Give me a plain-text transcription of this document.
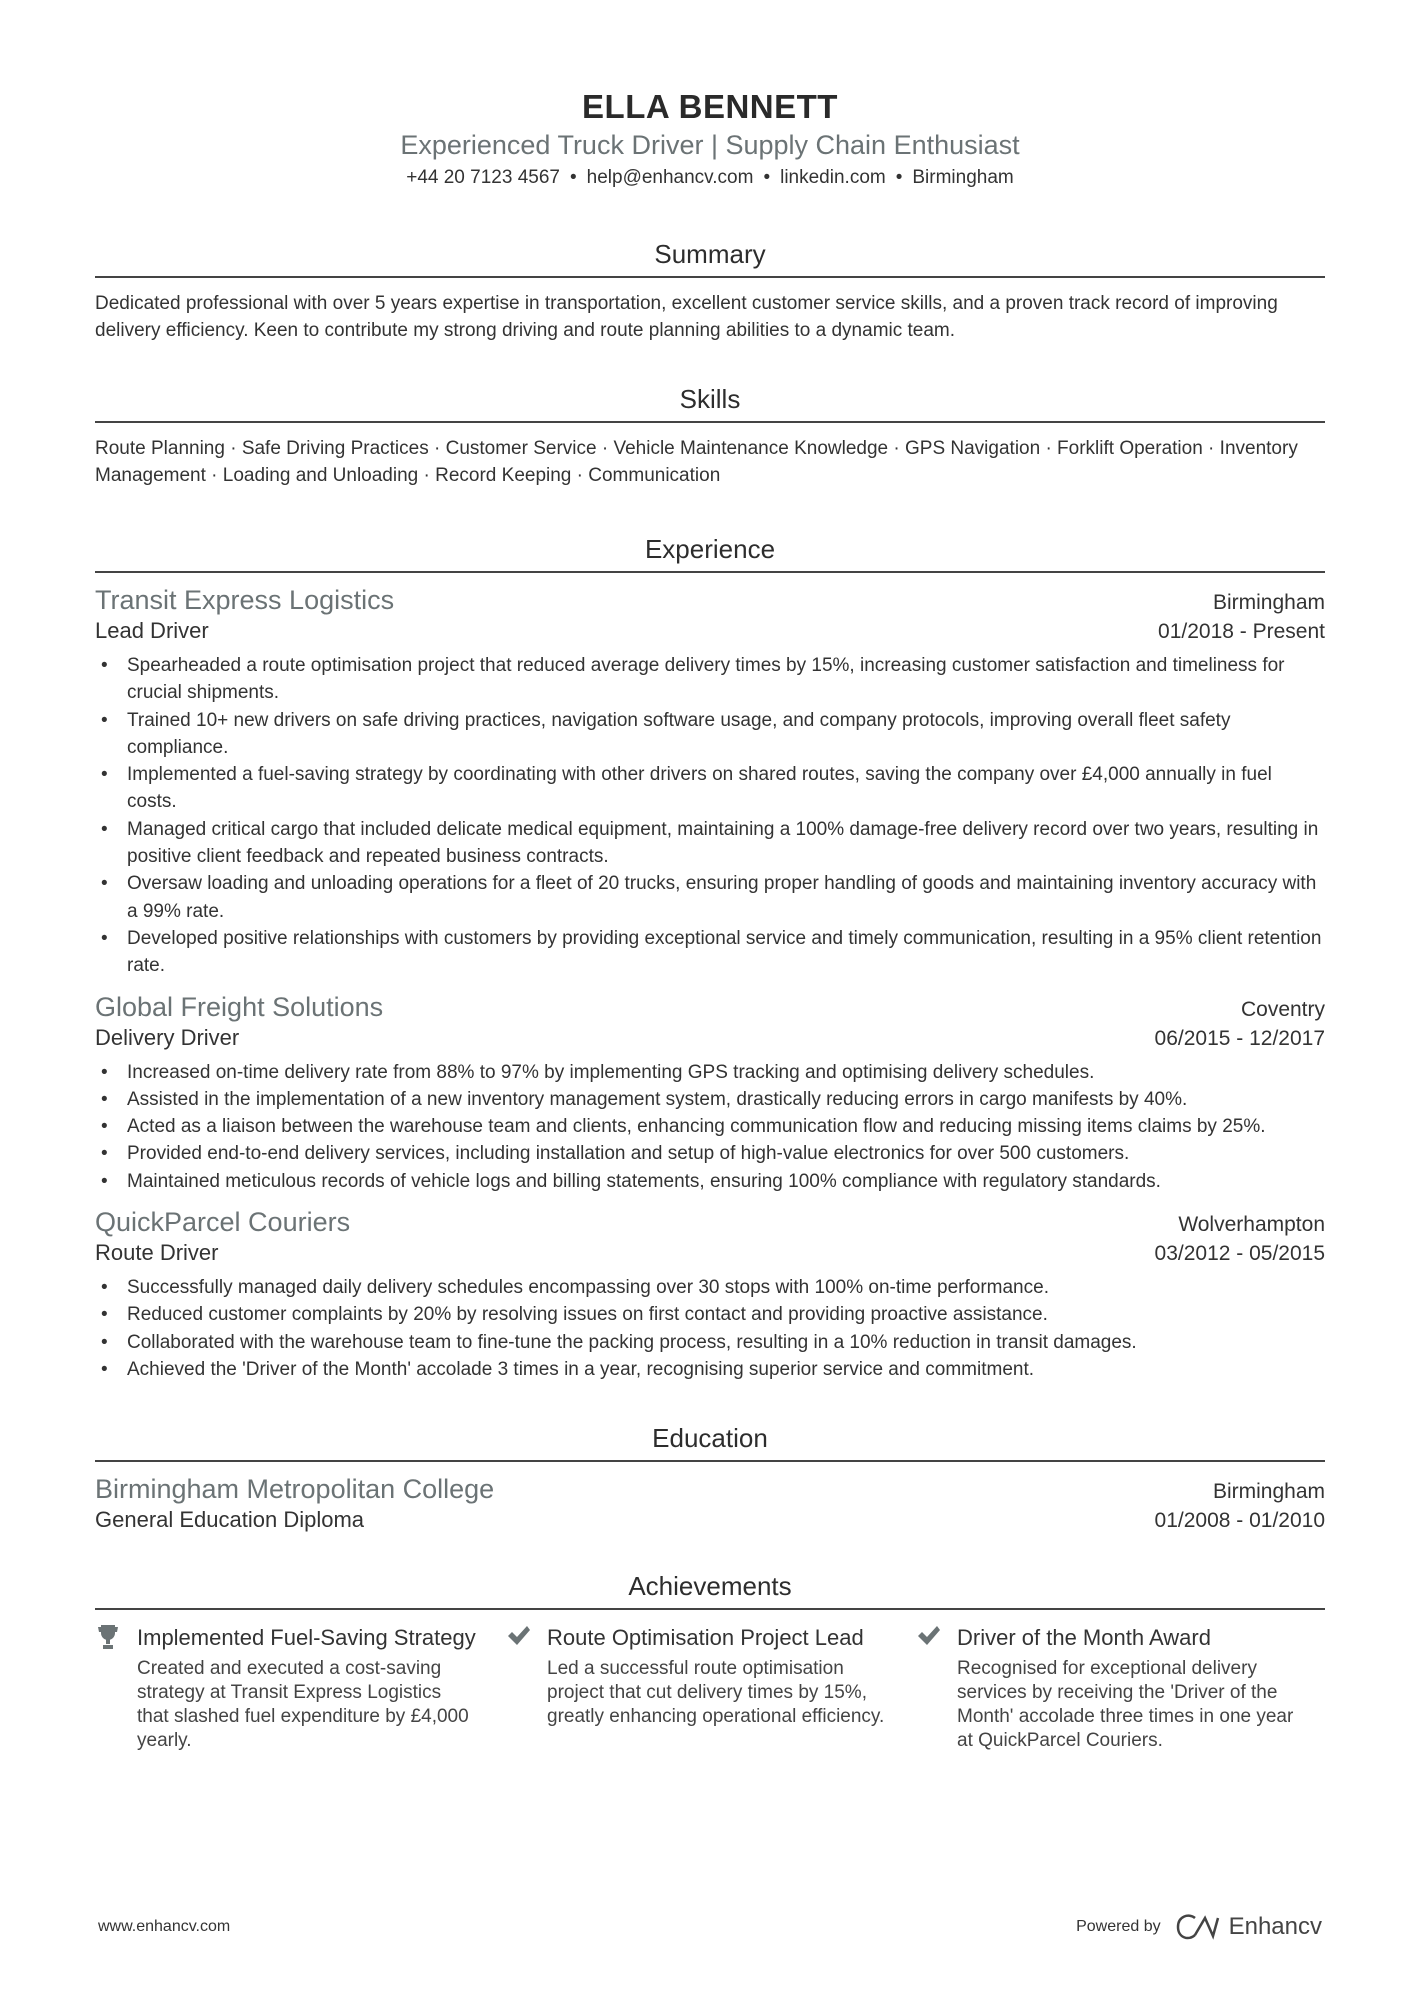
ELLA BENNETT
Experienced Truck Driver | Supply Chain Enthusiast
+44 20 7123 4567 • help@enhancv.com • linkedin.com • Birmingham
Summary

Dedicated professional with over 5 years expertise in transportation, excellent customer service skills, and a proven track record of improving delivery efficiency. Keen to contribute my strong driving and route planning abilities to a dynamic team.

Skills

Route Planning · Safe Driving Practices · Customer Service · Vehicle Maintenance Knowledge · GPS Navigation · Forklift Operation · Inventory Management · Loading and Unloading · Record Keeping · Communication

Experience
Transit Express Logistics	Birmingham
Lead Driver	01/2018 - Present
• Spearheaded a route optimisation project that reduced average delivery times by 15%, increasing customer satisfaction and timeliness for crucial shipments.
• Trained 10+ new drivers on safe driving practices, navigation software usage, and company protocols, improving overall fleet safety compliance.
• Implemented a fuel-saving strategy by coordinating with other drivers on shared routes, saving the company over £4,000 annually in fuel costs.
• Managed critical cargo that included delicate medical equipment, maintaining a 100% damage-free delivery record over two years, resulting in positive client feedback and repeated business contracts.
• Oversaw loading and unloading operations for a fleet of 20 trucks, ensuring proper handling of goods and maintaining inventory accuracy with a 99% rate.
• Developed positive relationships with customers by providing exceptional service and timely communication, resulting in a 95% client retention rate.
Global Freight Solutions	Coventry
Delivery Driver	06/2015 - 12/2017
• Increased on-time delivery rate from 88% to 97% by implementing GPS tracking and optimising delivery schedules.
• Assisted in the implementation of a new inventory management system, drastically reducing errors in cargo manifests by 40%.
• Acted as a liaison between the warehouse team and clients, enhancing communication flow and reducing missing items claims by 25%.
• Provided end-to-end delivery services, including installation and setup of high-value electronics for over 500 customers.
• Maintained meticulous records of vehicle logs and billing statements, ensuring 100% compliance with regulatory standards.
QuickParcel Couriers	Wolverhampton
Route Driver	03/2012 - 05/2015
• Successfully managed daily delivery schedules encompassing over 30 stops with 100% on-time performance.
• Reduced customer complaints by 20% by resolving issues on first contact and providing proactive assistance.
• Collaborated with the warehouse team to fine-tune the packing process, resulting in a 10% reduction in transit damages.
• Achieved the 'Driver of the Month' accolade 3 times in a year, recognising superior service and commitment.
Education
Birmingham Metropolitan College	Birmingham
General Education Diploma	01/2008 - 01/2010
Achievements
Implemented Fuel-Saving Strategy
Created and executed a cost-saving strategy at Transit Express Logistics that slashed fuel expenditure by £4,000 yearly.
Route Optimisation Project Lead
Led a successful route optimisation project that cut delivery times by 15%, greatly enhancing operational efficiency.
Driver of the Month Award
Recognised for exceptional delivery services by receiving the 'Driver of the Month' accolade three times in one year at QuickParcel Couriers.
www.enhancv.com	Powered by	Enhancv
